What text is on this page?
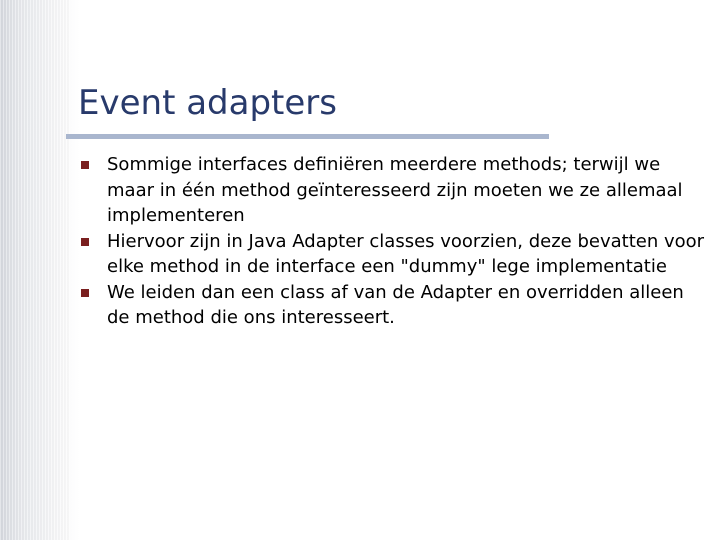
Event adapters
Sommige interfaces definiëren meerdere methods; terwijl we maar in één method geïnteresseerd zijn moeten we ze allemaal implementeren
Hiervoor zijn in Java Adapter classes voorzien, deze bevatten voor elke method in de interface een "dummy" lege implementatie
We leiden dan een class af van de Adapter en overridden alleen de method die ons interesseert.
